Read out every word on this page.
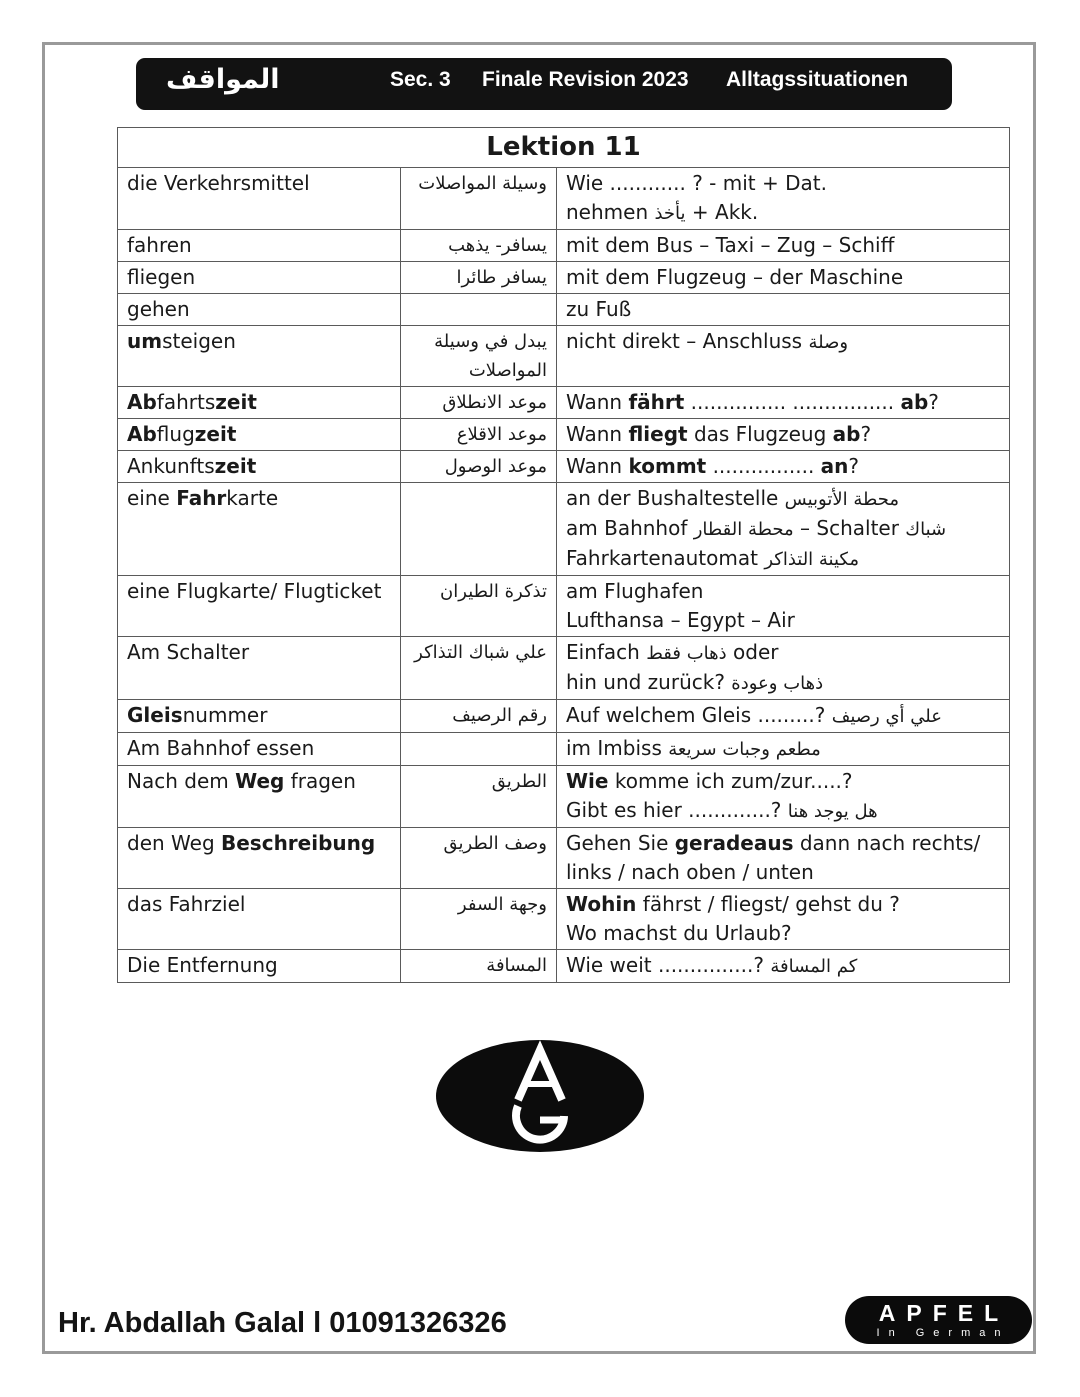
المواقف	Sec. 3 Finale Revision 2023 Alltagssituationen
Lektion 11		
die Verkehrsmittel	وسيلة المواصلات	Wie ............ ? - mit + Dat.
nehmen يأخذ + Akk.

fahren	يسافر- يذهب	mit dem Bus – Taxi – Zug – Schiff

fliegen	يسافر طائرا	mit dem Flugzeug – der Maschine

gehen		zu Fuß

umsteigen	يبدل في وسيلة المواصلات	nicht direkt – Anschluss وصلة

Abfahrtszeit	موعد الانطلاق	Wann fährt ............... ................ ab?

Abflugzeit	موعد الاقلاع	Wann fliegt das Flugzeug ab?

Ankunftszeit	موعد الوصول	Wann kommt ................ an?

eine Fahrkarte		an der Bushaltestelle محطة الأتوبيس
am Bahnhof محطة القطار – Schalter شباك
Fahrkartenautomat مكينة التذاكر

eine Flugkarte/ Flugticket	تذكرة الطيران	am Flughafen
Lufthansa – Egypt – Air

Am Schalter	علي شباك التذاكر	Einfach ذهاب فقط oder
hin und zurück? ذهاب وعودة

Gleisnummer	رقم الرصيف	Auf welchem Gleis .........? علي أي رصيف

Am Bahnhof essen		im Imbiss مطعم وجبات سريعة

Nach dem Weg fragen	الطريق	Wie komme ich zum/zur.....?
Gibt es hier .............? هل يوجد هنا

den Weg Beschreibung	وصف الطريق	Gehen Sie geradeaus dann nach rechts/
links / nach oben / unten

das Fahrziel	وجهة السفر	Wohin fährst / fliegst/ gehst du ?
Wo machst du Urlaub?

Die Entfernung	المسافة	Wie weit ...............? كم المسافة
Hr. Abdallah Galal l 01091326326	APFEL
In German
